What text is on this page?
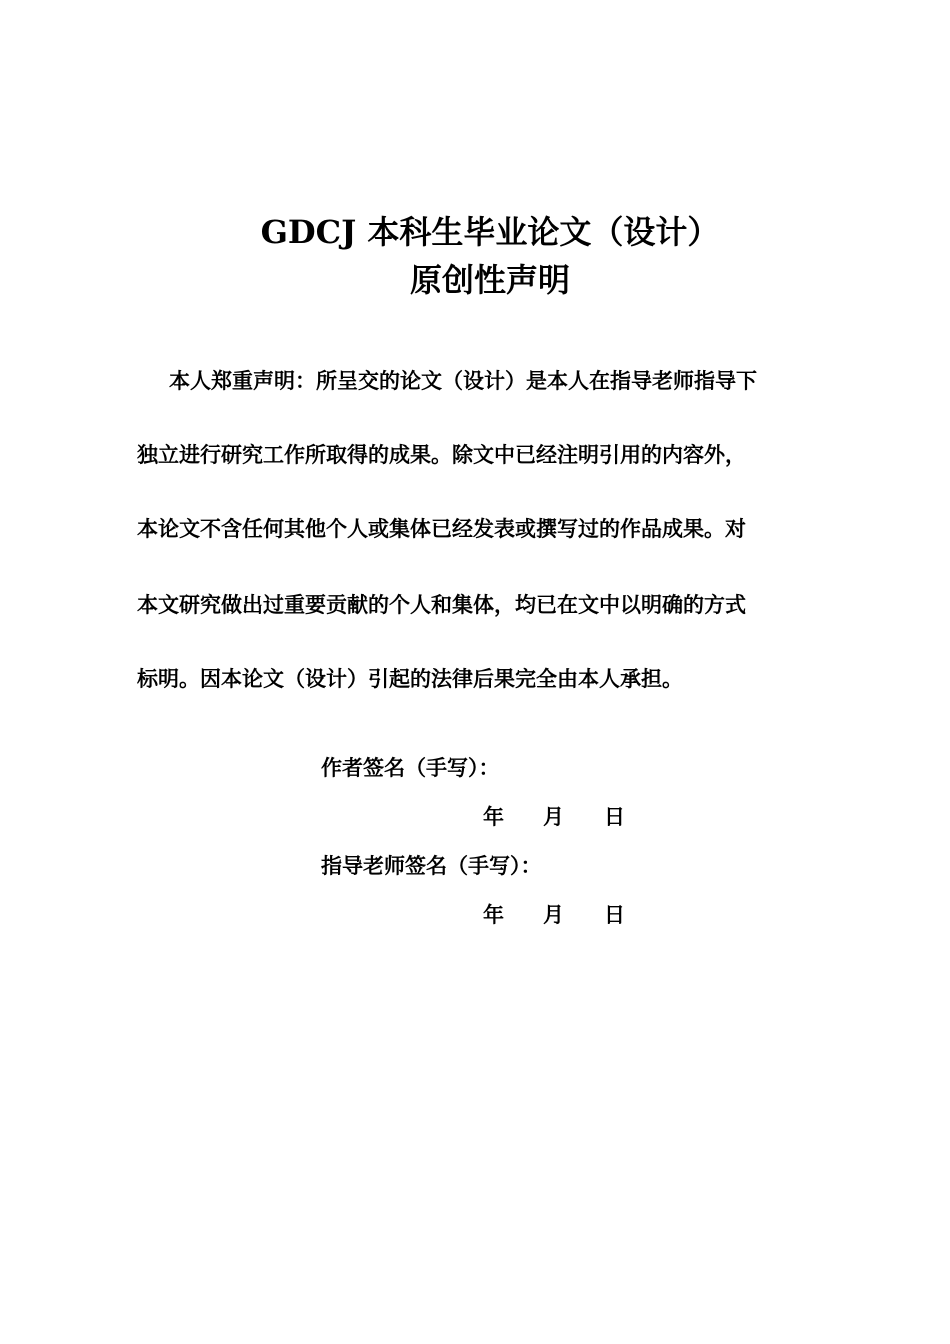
GDCJ 本科生毕业论文（设计）
原创性声明
本人郑重声明：所呈交的论文（设计）是本人在指导老师指导下
独立进行研究工作所取得的成果。除文中已经注明引用的内容外，
本论文不含任何其他个人或集体已经发表或撰写过的作品成果。对
本文研究做出过重要贡献的个人和集体，均已在文中以明确的方式
标明。因本论文（设计）引起的法律后果完全由本人承担。
作者签名（手写）：
年 月 日
指导老师签名（手写）：
年 月 日
